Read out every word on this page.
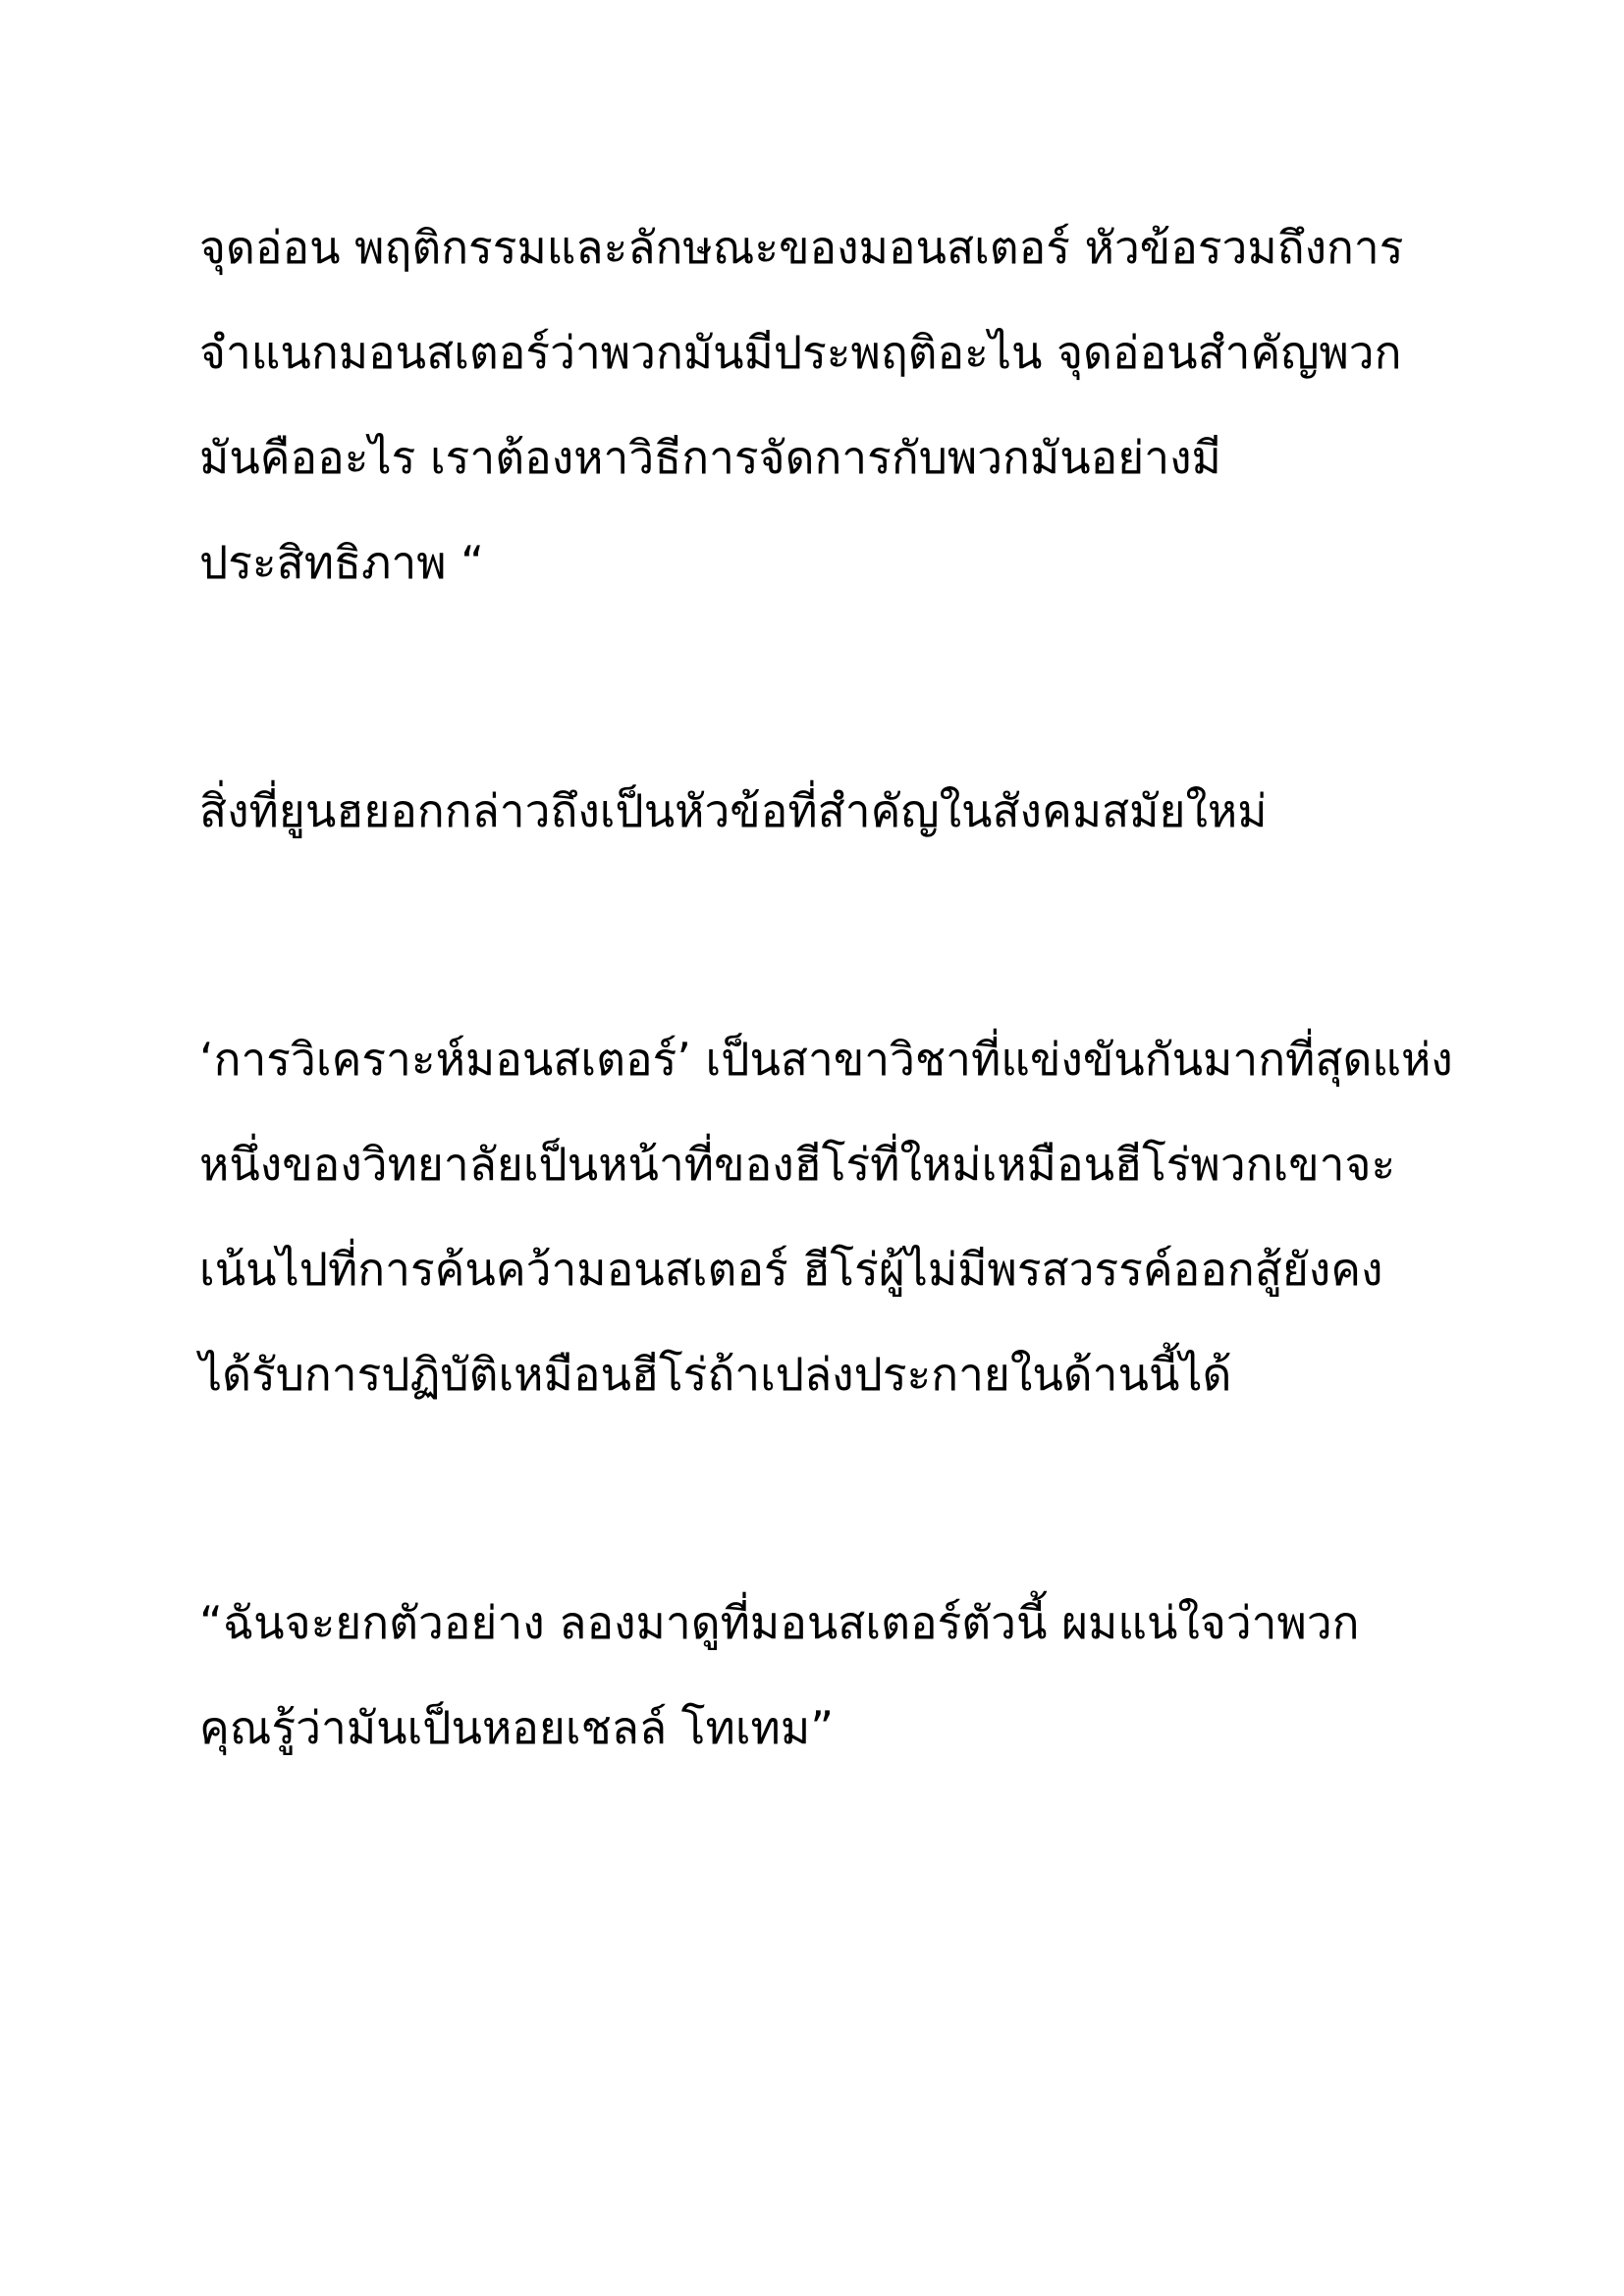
จุดอ่อน พฤติกรรมและลักษณะของมอนสเตอร์ หัวข้อรวมถึงการ
จำแนกมอนสเตอร์ว่าพวกมันมีประพฤติอะไน จุดอ่อนสำคัญพวก
มันคืออะไร เราต้องหาวิธีการจัดการกับพวกมันอย่างมี
ประสิทธิภาพ “
สิ่งที่ยูนฮยอกกล่าวถึงเป็นหัวข้อที่สำคัญในสังคมสมัยใหม่
‘การวิเคราะห์มอนสเตอร์’ เป็นสาขาวิชาที่แข่งขันกันมากที่สุดแห่ง
หนึ่งของวิทยาลัยเป็นหน้าที่ของฮีโร่ที่ใหม่เหมือนฮีโร่พวกเขาจะ
เน้นไปที่การค้นคว้ามอนสเตอร์ ฮีโร่ผู้ไม่มีพรสวรรค์ออกสู้ยังคง
ได้รับการปฏิบัติเหมือนฮีโร่ถ้าเปล่งประกายในด้านนี้ได้
“ฉันจะยกตัวอย่าง ลองมาดูที่มอนสเตอร์ตัวนี้ ผมแน่ใจว่าพวก
คุณรู้ว่ามันเป็นหอยเชลล์ โทเทม”
